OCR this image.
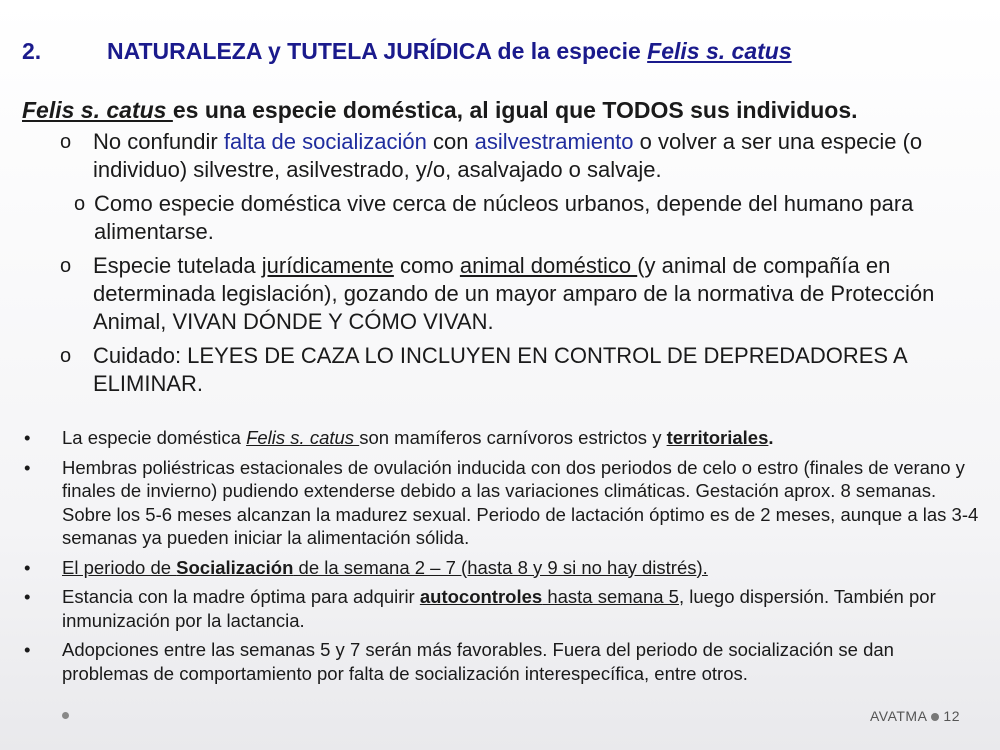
2.	NATURALEZA y TUTELA JURÍDICA de la especie Felis s. catus
Felis s. catus es una especie doméstica, al igual que TODOS sus individuos.
o No confundir falta de socialización con asilvestramiento o volver a ser una especie (o individuo) silvestre, asilvestrado, y/o, asalvajado o salvaje.
o Como especie doméstica vive cerca de núcleos urbanos, depende del humano para alimentarse.
o Especie tutelada jurídicamente como animal doméstico (y animal de compañía en determinada legislación), gozando de un mayor amparo de la normativa de Protección Animal, VIVAN DÓNDE Y CÓMO VIVAN.
o Cuidado: LEYES DE CAZA LO INCLUYEN EN CONTROL DE DEPREDADORES A ELIMINAR.
•	La especie doméstica Felis s. catus son mamíferos carnívoros estrictos y territoriales.
•	Hembras poliéstricas estacionales de ovulación inducida con dos periodos de celo o estro (finales de verano y finales de invierno) pudiendo extenderse debido a las variaciones climáticas. Gestación aprox. 8 semanas. Sobre los 5-6 meses alcanzan la madurez sexual. Periodo de lactación óptimo es de 2 meses, aunque a las 3-4 semanas ya pueden iniciar la alimentación sólida.
•	El periodo de Socialización de la semana 2 – 7 (hasta 8 y 9 si no hay distrés).
•	Estancia con la madre óptima para adquirir autocontroles hasta semana 5, luego dispersión. También por inmunización por la lactancia.
•	Adopciones entre las semanas 5 y 7 serán más favorables. Fuera del periodo de socialización se dan problemas de comportamiento por falta de socialización interespecífica, entre otros.
AVATMA 12
